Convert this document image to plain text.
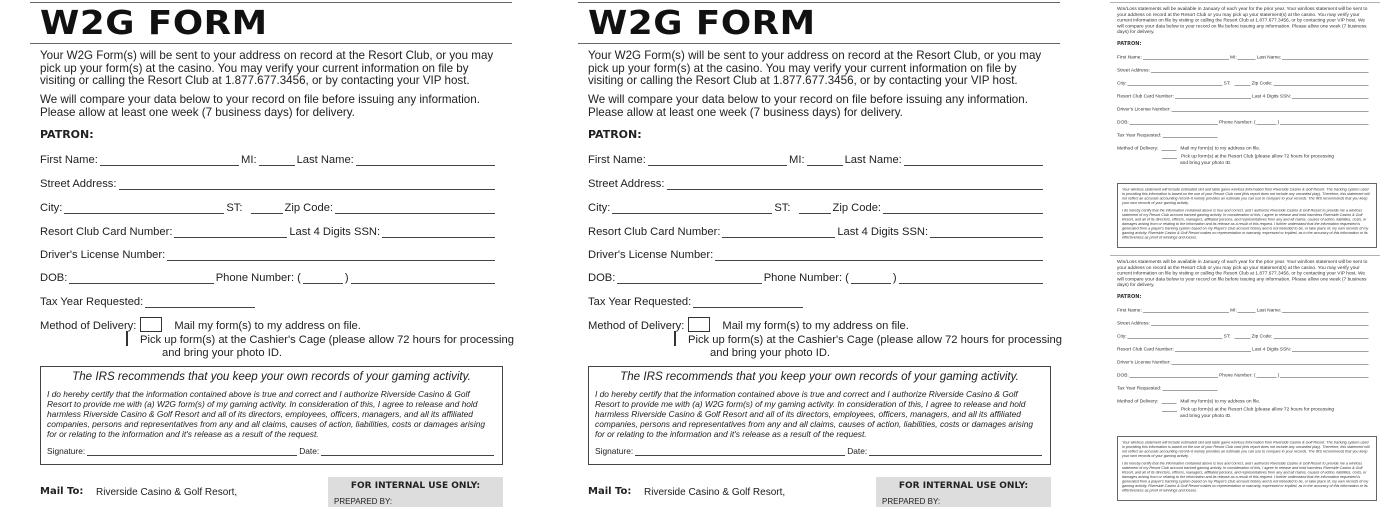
W2G FORM
Your W2G Form(s) will be sent to your address on record at the Resort Club, or you may pick up your form(s) at the casino. You may verify your current information on file by visiting or calling the Resort Club at 1.877.677.3456, or by contacting your VIP host.
We will compare your data below to your record on file before issuing any information.
Please allow at least one week (7 business days) for delivery.
PATRON:
First Name:	MI:	Last Name:
Street Address:
City:	ST:	Zip Code:
Resort Club Card Number:	Last 4 Digits SSN:
Driver's License Number:
DOB:	Phone Number: (	)
Tax Year Requested:
Method of Delivery:	Mail my form(s) to my address on file.
Pick up form(s) at the Cashier's Cage (please allow 72 hours for processing
and bring your photo ID.
The IRS recommends that you keep your own records of your gaming activity.
I do hereby certify that the information contained above is true and correct and I authorize Riverside Casino & Golf Resort to provide me with (a) W2G form(s) of my gaming activity. In consideration of this, I agree to release and hold harmless Riverside Casino & Golf Resort and all of its directors, employees, officers, managers, and all its affiliated companies, persons and representatives from any and all claims, causes of action, liabilities, costs or damages arising for or relating to the information and it's release as a result of the request.
Signature:	Date:
Mail To: Riverside Casino & Golf Resort,
FOR INTERNAL USE ONLY:
PREPARED BY:
W2G FORM
Your W2G Form(s) will be sent to your address on record at the Resort Club, or you may pick up your form(s) at the casino. You may verify your current information on file by visiting or calling the Resort Club at 1.877.677.3456, or by contacting your VIP host.
We will compare your data below to your record on file before issuing any information.
Please allow at least one week (7 business days) for delivery.
PATRON:
First Name:	MI:	Last Name:
Street Address:
City:	ST:	Zip Code:
Resort Club Card Number:	Last 4 Digits SSN:
Driver's License Number:
DOB:	Phone Number: (	)
Tax Year Requested:
Method of Delivery:	Mail my form(s) to my address on file.
Pick up form(s) at the Cashier's Cage (please allow 72 hours for processing
and bring your photo ID.
The IRS recommends that you keep your own records of your gaming activity.
I do hereby certify that the information contained above is true and correct and I authorize Riverside Casino & Golf Resort to provide me with (a) W2G form(s) of my gaming activity. In consideration of this, I agree to release and hold harmless Riverside Casino & Golf Resort and all of its directors, employees, officers, managers, and all its affiliated companies, persons and representatives from any and all claims, causes of action, liabilities, costs or damages arising for or relating to the information and it's release as a result of the request.
Signature:	Date:
Mail To: Riverside Casino & Golf Resort,
FOR INTERNAL USE ONLY:
PREPARED BY:
Win/Loss statements will be available in January of each year for the prior year. Your win/loss statement will be sent to your address on record at the Resort Club or you may pick up your statement(s) at the casino. You may verify your current information on file by visiting or calling the Resort Club at 1.877.677.3456, or by contacting your VIP host. We will compare your data below to your record on file before issuing any information. Please allow one week (7 business days) for delivery.
PATRON:
First Name:	MI: Last Name:
Street Address:
City:	ST: Zip Code:
Resort Club Card Number:	Last 4 Digits SSN:
Driver's License Number:
DOB:	Phone Number: ( )
Tax Year Requested:
Method of Delivery: Mail my form(s) to my address on file.
Pick up form(s) at the Resort Club (please allow 72 hours for processing
and bring your photo ID.

Your win/loss statement will include estimated slot and table game win/loss information from Riverside Casino & Golf Resort. The tracking system used in providing this information is based on the use of your Resort Club card (this report does not include any uncarded play). Therefore, this statement will not reflect an accurate accounting record–it merely provides an estimate you can use to compare to your records. The IRS recommends that you keep your own records of your gaming activity.

I do hereby certify that the information contained above is true and correct, and I authorize Riverside Casino & Golf Resort to provide me a win/loss statement of my Resort Club account tracked gaming activity. In consideration of this, I agree to release and hold harmless Riverside Casino & Golf Resort, and all of its directors, officers, managers, affiliated persons, and representatives from any and all claims, causes of action, liabilities, costs, or damages arising from or relating to the information and its release as a result of this request. I further understand that the information requested is generated from a player's tracking system based on my Player's Club account history and is not intended to be, or take place of, my own records of my gaming activity. Riverside Casino & Golf Resort makes no representation or warranty, expressed or implied, as to the accuracy of this information or its effectiveness as proof of winnings and losses.

Win/Loss statements will be available in January of each year for the prior year. Your win/loss statement will be sent to your address on record at the Resort Club or you may pick up your statement(s) at the casino. You may verify your current information on file by visiting or calling the Resort Club at 1.877.677.3456, or by contacting your VIP host. We will compare your data below to your record on file before issuing any information. Please allow one week (7 business days) for delivery.
PATRON:
First Name:	MI: Last Name:
Street Address:
City:	ST: Zip Code:
Resort Club Card Number:	Last 4 Digits SSN:
Driver's License Number:
DOB:	Phone Number: ( )
Tax Year Requested:
Method of Delivery: Mail my form(s) to my address on file.
Pick up form(s) at the Resort Club (please allow 72 hours for processing
and bring your photo ID.

Your win/loss statement will include estimated slot and table game win/loss information from Riverside Casino & Golf Resort. The tracking system used in providing this information is based on the use of your Resort Club card (this report does not include any uncarded play). Therefore, this statement will not reflect an accurate accounting record–it merely provides an estimate you can use to compare to your records. The IRS recommends that you keep your own records of your gaming activity.

I do hereby certify that the information contained above is true and correct, and I authorize Riverside Casino & Golf Resort to provide me a win/loss statement of my Resort Club account tracked gaming activity. In consideration of this, I agree to release and hold harmless Riverside Casino & Golf Resort, and all of its directors, officers, managers, affiliated persons, and representatives from any and all claims, causes of action, liabilities, costs, or damages arising from or relating to the information and its release as a result of this request. I further understand that the information requested is generated from a player's tracking system based on my Player's Club account history and is not intended to be, or take place of, my own records of my gaming activity. Riverside Casino & Golf Resort makes no representation or warranty, expressed or implied, as to the accuracy of this information or its effectiveness as proof of winnings and losses.
